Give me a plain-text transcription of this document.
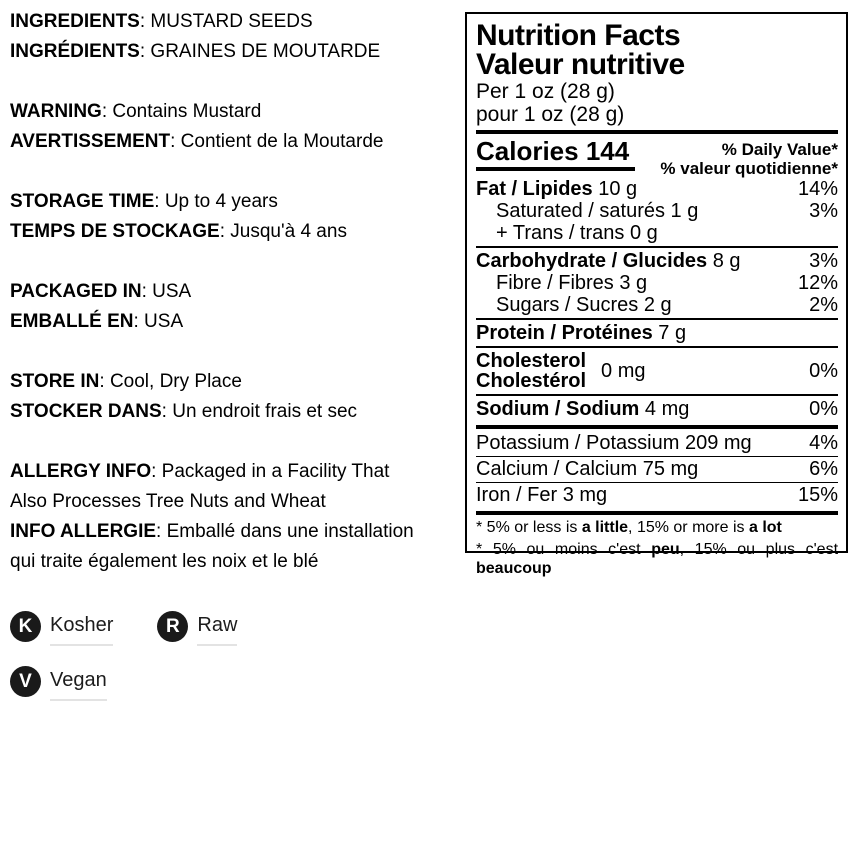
INGREDIENTS: MUSTARD SEEDS

INGRÉDIENTS: GRAINES DE MOUTARDE

WARNING: Contains Mustard

AVERTISSEMENT: Contient de la Moutarde

STORAGE TIME: Up to 4 years

TEMPS DE STOCKAGE: Jusqu'à 4 ans

PACKAGED IN: USA

EMBALLÉ EN: USA

STORE IN: Cool, Dry Place

STOCKER DANS: Un endroit frais et sec

ALLERGY INFO: Packaged in a Facility That

Also Processes Tree Nuts and Wheat

INFO ALLERGIE: Emballé dans une installation

qui traite également les noix et le blé

K Kosher	R Raw
V Vegan
Nutrition Facts
Valeur nutritive
Per 1 oz (28 g)
pour 1 oz (28 g)
Calories 144	% Daily Value*
% valeur quotidienne*
Fat / Lipides 10 g	14%
Saturated / saturés 1 g	3%
+ Trans / trans 0 g
Carbohydrate / Glucides 8 g	3%
Fibre / Fibres 3 g	12%
Sugars / Sucres 2 g	2%
Protein / Protéines 7 g
Cholesterol
Cholestérol 0 mg	0%
Sodium / Sodium 4 mg	0%
Potassium / Potassium 209 mg	4%
Calcium / Calcium 75 mg	6%
Iron / Fer 3 mg	15%

* 5% or less is a little, 15% or more is a lot

* 5% ou moins c'est peu, 15% ou plus c'est beaucoup
